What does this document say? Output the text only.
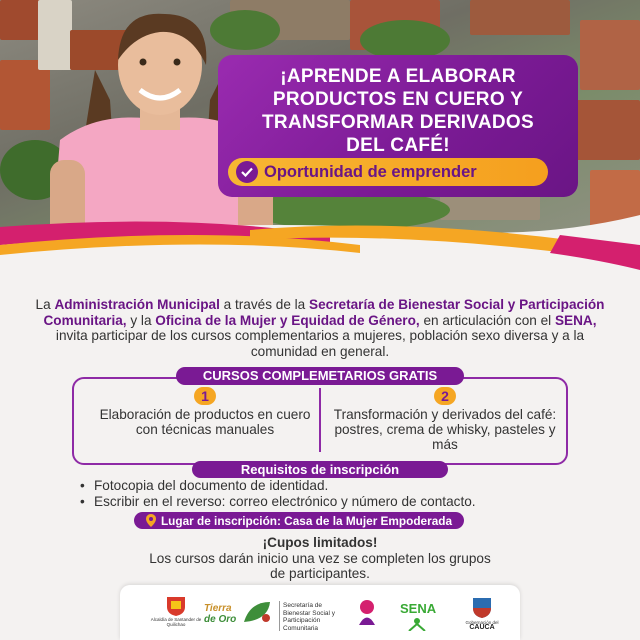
¡APRENDE A ELABORAR
PRODUCTOS EN CUERO Y
TRANSFORMAR DERIVADOS
DEL CAFÉ!
Oportunidad de emprender

La Administración Municipal a través de la Secretaría de Bienestar Social y Participación Comunitaria, y la Oficina de la Mujer y Equidad de Género, en articulación con el SENA, invita participar de los cursos complementarios a mujeres, población sexo diversa y a la comunidad en general.

CURSOS COMPLEMETARIOS GRATIS
1
Elaboración de productos en cuero con técnicas manuales
2
Transformación y derivados del café: postres, crema de whisky, pasteles y más
Requisitos de inscripción
• Fotocopia del documento de identidad.
• Escribir en el reverso: correo electrónico y número de contacto.
Lugar de inscripción: Casa de la Mujer Empoderada
¡Cupos limitados!
Los cursos darán inicio una vez se completen los grupos de participantes.
Alcaldía de Santander de Quilichao
Tierra
de Oro
Secretaría de Bienestar Social y Participación Comunitaria
SENA
Gobernación del
CAUCA
